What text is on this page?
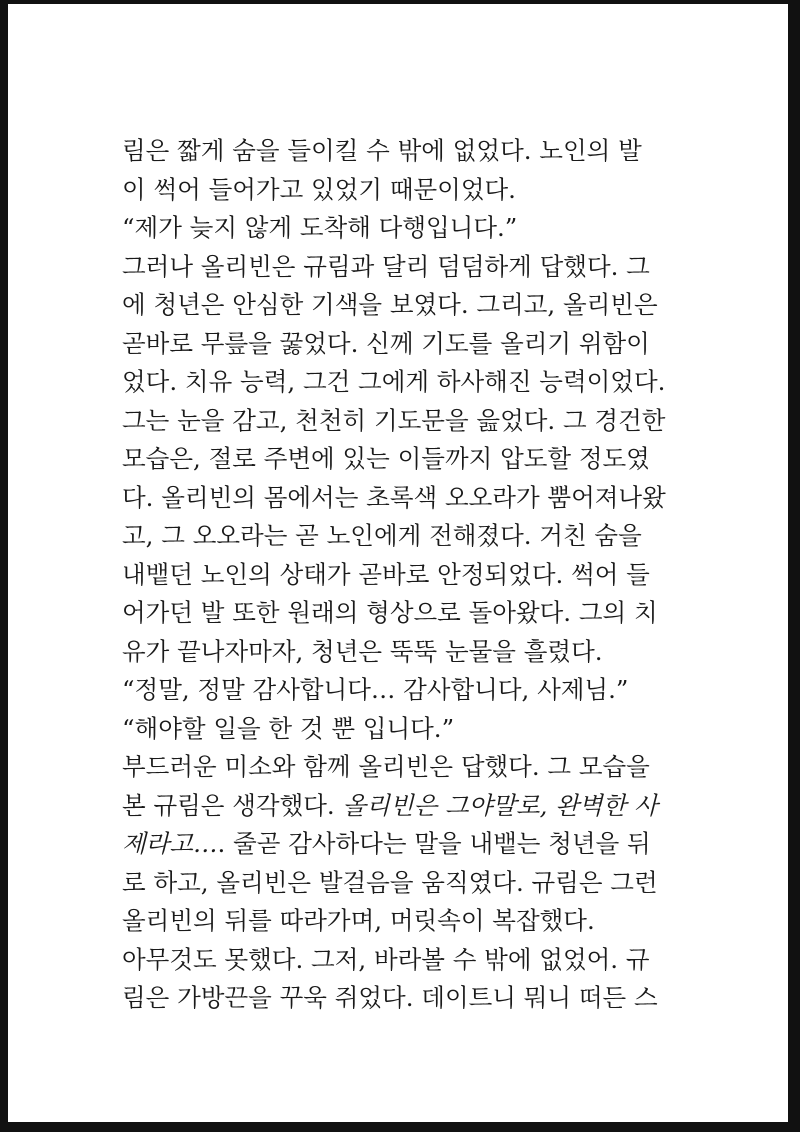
림은 짧게 숨을 들이킬 수 밖에 없었다. 노인의 발
이 썩어 들어가고 있었기 때문이었다.
“제가 늦지 않게 도착해 다행입니다.”
그러나 올리빈은 규림과 달리 덤덤하게 답했다. 그
에 청년은 안심한 기색을 보였다. 그리고, 올리빈은
곧바로 무릎을 꿇었다. 신께 기도를 올리기 위함이
었다. 치유 능력, 그건 그에게 하사해진 능력이었다.
그는 눈을 감고, 천천히 기도문을 읊었다. 그 경건한
모습은, 절로 주변에 있는 이들까지 압도할 정도였
다. 올리빈의 몸에서는 초록색 오오라가 뿜어져나왔
고, 그 오오라는 곧 노인에게 전해졌다. 거친 숨을
내뱉던 노인의 상태가 곧바로 안정되었다. 썩어 들
어가던 발 또한 원래의 형상으로 돌아왔다. 그의 치
유가 끝나자마자, 청년은 뚝뚝 눈물을 흘렸다.
“정말, 정말 감사합니다… 감사합니다, 사제님.”
“해야할 일을 한 것 뿐 입니다.”
부드러운 미소와 함께 올리빈은 답했다. 그 모습을
본 규림은 생각했다. 올리빈은 그야말로, 완벽한 사
제라고…. 줄곧 감사하다는 말을 내뱉는 청년을 뒤
로 하고, 올리빈은 발걸음을 움직였다. 규림은 그런
올리빈의 뒤를 따라가며, 머릿속이 복잡했다.
아무것도 못했다. 그저, 바라볼 수 밖에 없었어. 규
림은 가방끈을 꾸욱 쥐었다. 데이트니 뭐니 떠든 스
